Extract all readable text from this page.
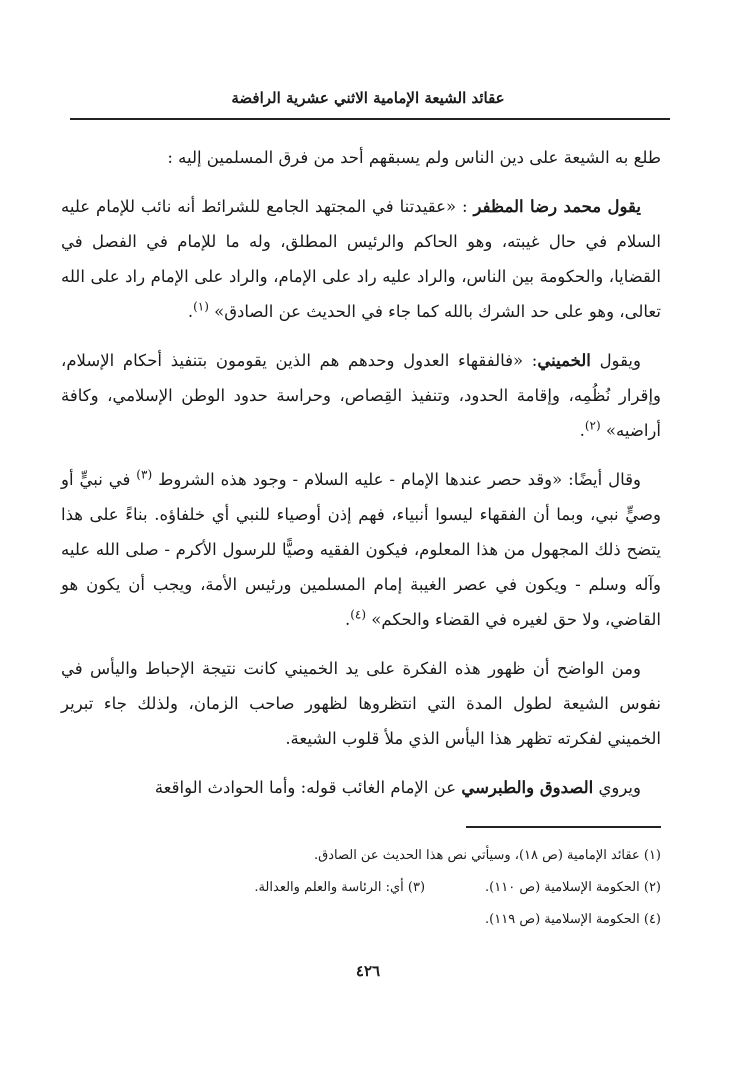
عقائد الشيعة الإمامية الاثني عشرية الرافضة

طلع به الشيعة على دين الناس ولم يسبقهم أحد من فرق المسلمين إليه :

يقول محمد رضا المظفر : «عقيدتنا في المجتهد الجامع للشرائط أنه نائب للإمام عليه السلام في حال غيبته، وهو الحاكم والرئيس المطلق، وله ما للإمام في الفصل في القضايا، والحكومة بين الناس، والراد عليه راد على الإمام، والراد على الإمام راد على الله تعالى، وهو على حد الشرك بالله كما جاء في الحديث عن الصادق» $^{(١)}$.

ويقول الخميني: «فالفقهاء العدول وحدهم هم الذين يقومون بتنفيذ أحكام الإسلام، وإقرار نُظُمِه، وإقامة الحدود، وتنفيذ القِصاص، وحراسة حدود الوطن الإسلامي، وكافة أراضيه» $^{(٢)}$.

وقال أيضًا: «وقد حصر عندها الإمام - عليه السلام - وجود هذه الشروط $^{(٣)}$ في نبيٍّ أو وصيٍّ نبي، وبما أن الفقهاء ليسوا أنبياء، فهم إذن أوصياء للنبي أي خلفاؤه. بناءً على هذا يتضح ذلك المجهول من هذا المعلوم، فيكون الفقيه وصيًّا للرسول الأكرم - صلى الله عليه وآله وسلم - ويكون في عصر الغيبة إمام المسلمين ورئيس الأمة، ويجب أن يكون هو القاضي، ولا حق لغيره في القضاء والحكم» $^{(٤)}$.

ومن الواضح أن ظهور هذه الفكرة على يد الخميني كانت نتيجة الإحباط واليأس في نفوس الشيعة لطول المدة التي انتظروها لظهور صاحب الزمان، ولذلك جاء تبرير الخميني لفكرته تظهر هذا اليأس الذي ملأ قلوب الشيعة.

ويروي الصدوق والطبرسي عن الإمام الغائب قوله: وأما الحوادث الواقعة

(١) عقائد الإمامية (ص ١٨)، وسيأتي نص هذا الحديث عن الصادق.
(٢) الحكومة الإسلامية (ص ١١٠).
(٣) أي: الرئاسة والعلم والعدالة.
(٤) الحكومة الإسلامية (ص ١١٩).
٤٢٦
